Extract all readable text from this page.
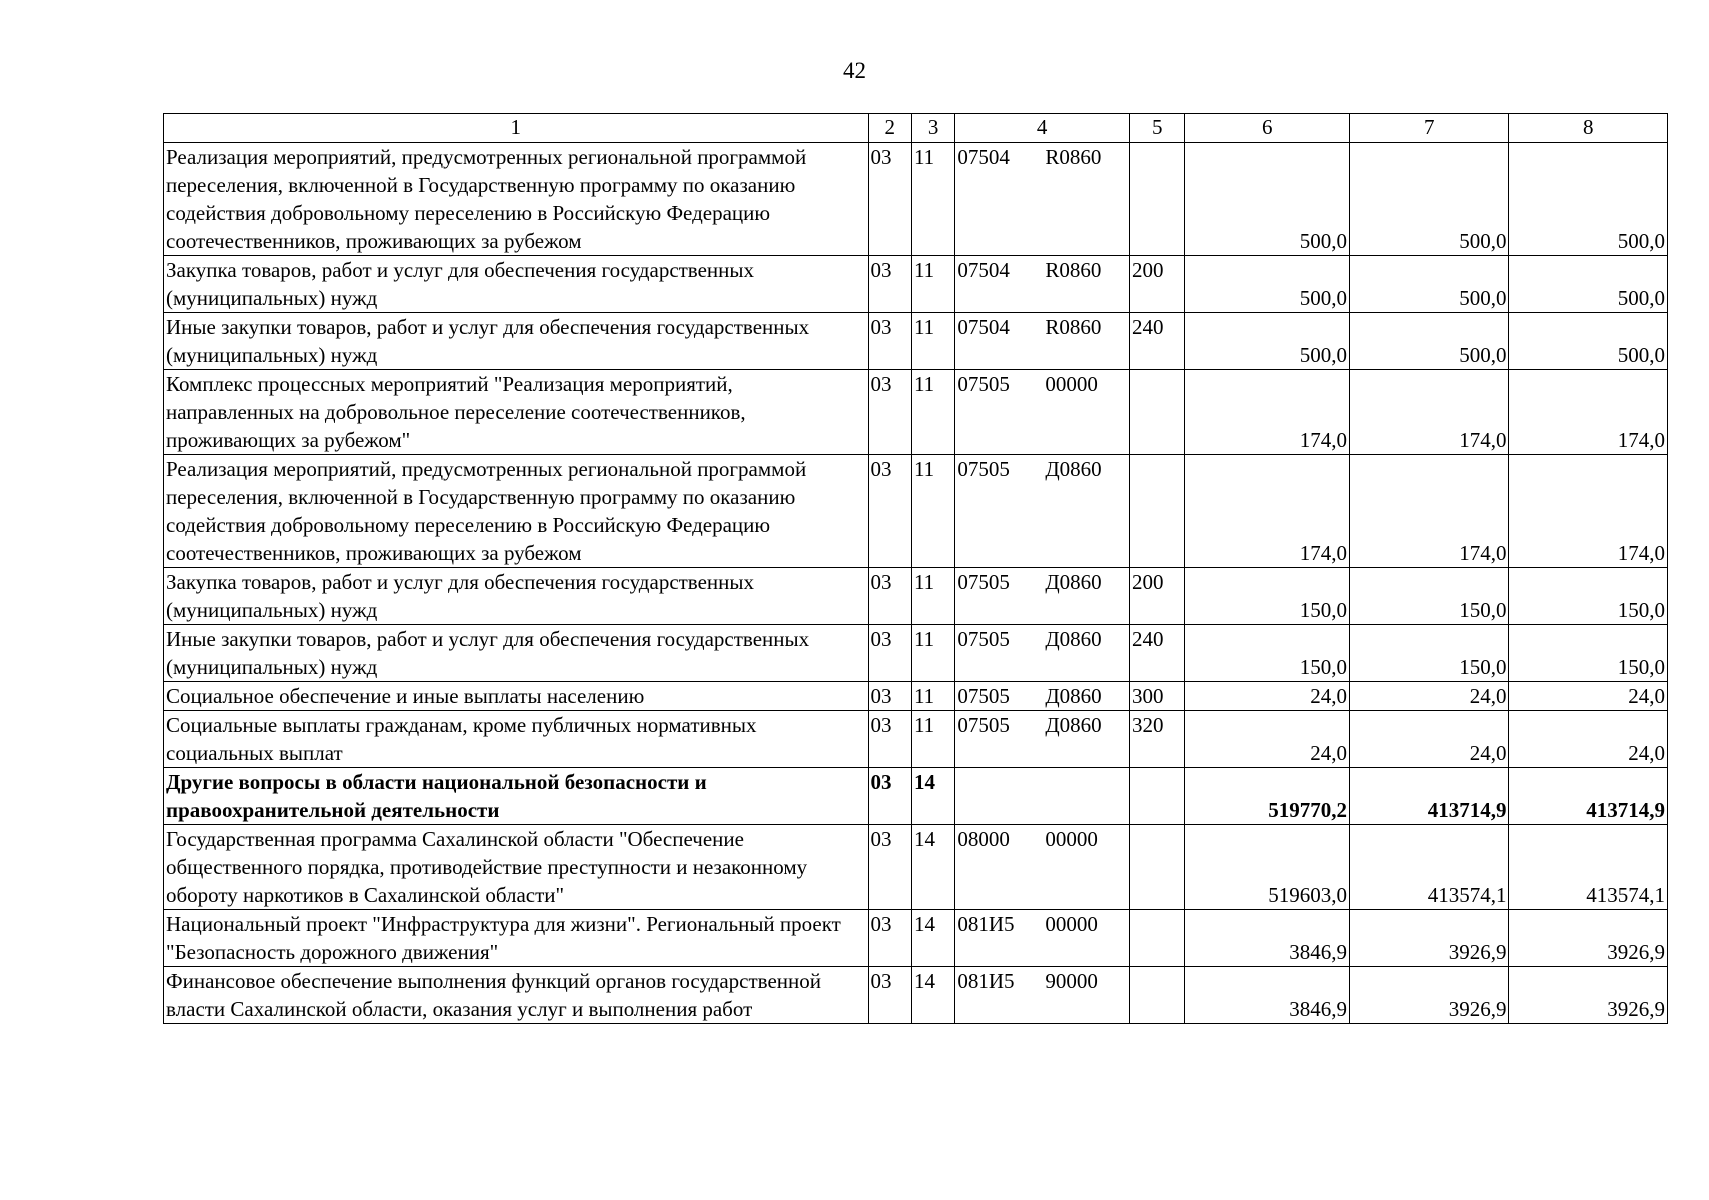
42
1	2	3	4	5	6	7	8
Реализация мероприятий, предусмотренных региональной программой переселения, включенной в Государственную программу по оказанию содействия добровольному переселению в Российскую Федерацию соотечественников, проживающих за рубежом	03	11	07504 R0860		500,0	500,0	500,0
Закупка товаров, работ и услуг для обеспечения государственных (муниципальных) нужд	03	11	07504 R0860	200	500,0	500,0	500,0
Иные закупки товаров, работ и услуг для обеспечения государственных (муниципальных) нужд	03	11	07504 R0860	240	500,0	500,0	500,0
Комплекс процессных мероприятий "Реализация мероприятий, направленных на добровольное переселение соотечественников, проживающих за рубежом"	03	11	07505 00000		174,0	174,0	174,0
Реализация мероприятий, предусмотренных региональной программой переселения, включенной в Государственную программу по оказанию содействия добровольному переселению в Российскую Федерацию соотечественников, проживающих за рубежом	03	11	07505 Д0860		174,0	174,0	174,0
Закупка товаров, работ и услуг для обеспечения государственных (муниципальных) нужд	03	11	07505 Д0860	200	150,0	150,0	150,0
Иные закупки товаров, работ и услуг для обеспечения государственных (муниципальных) нужд	03	11	07505 Д0860	240	150,0	150,0	150,0
Социальное обеспечение и иные выплаты населению	03	11	07505 Д0860	300	24,0	24,0	24,0
Социальные выплаты гражданам, кроме публичных нормативных социальных выплат	03	11	07505 Д0860	320	24,0	24,0	24,0
Другие вопросы в области национальной безопасности и правоохранительной деятельности	03	14			519770,2	413714,9	413714,9
Государственная программа Сахалинской области "Обеспечение общественного порядка, противодействие преступности и незаконному обороту наркотиков в Сахалинской области"	03	14	08000 00000		519603,0	413574,1	413574,1
Национальный проект "Инфраструктура для жизни". Региональный проект "Безопасность дорожного движения"	03	14	081И5 00000		3846,9	3926,9	3926,9
Финансовое обеспечение выполнения функций органов государственной власти Сахалинской области, оказания услуг и выполнения работ	03	14	081И5 90000		3846,9	3926,9	3926,9
